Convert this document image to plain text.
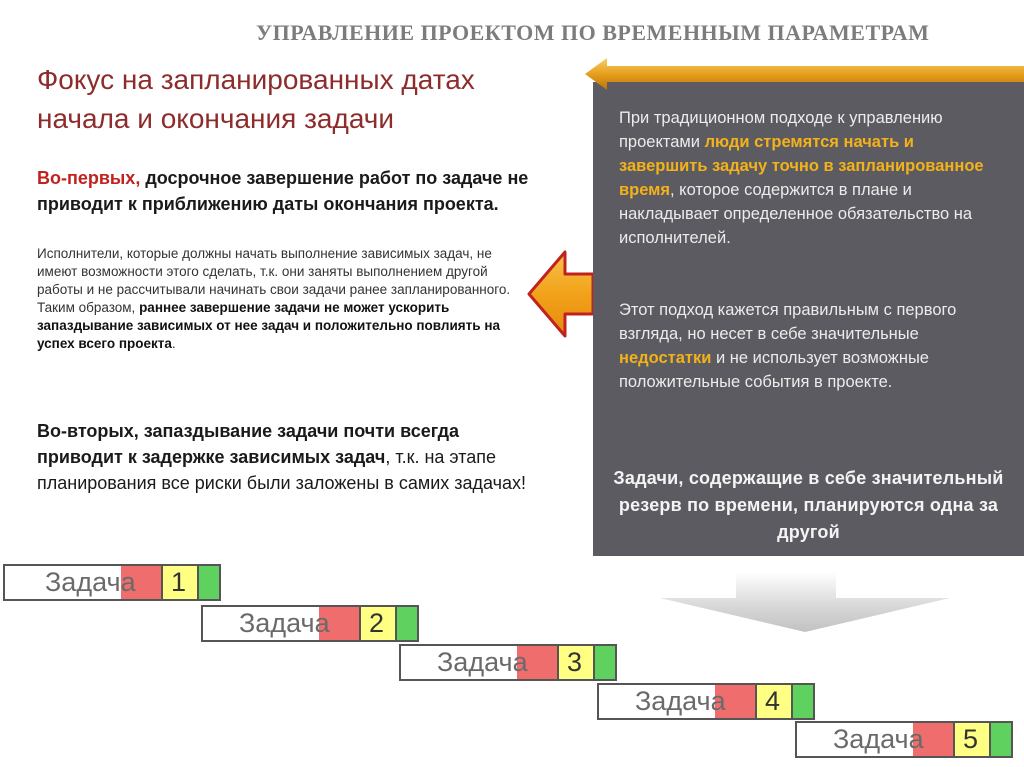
УПРАВЛЕНИЕ ПРОЕКТОМ ПО ВРЕМЕННЫМ ПАРАМЕТРАМ
Фокус на запланированных датах
начала и окончания задачи
Во-первых, досрочное завершение работ по задаче не приводит к приближению даты окончания проекта.
Исполнители, которые должны начать выполнение зависимых задач, не имеют возможности этого сделать, т.к. они заняты выполнением другой работы и не рассчитывали начинать свои задачи ранее запланированного. Таким образом, раннее завершение задачи не может ускорить запаздывание зависимых от нее задач и положительно повлиять на успех всего проекта.
Во-вторых, запаздывание задачи почти всегда приводит к задержке зависимых задач, т.к. на этапе планирования все риски были заложены в самих задачах!
При традиционном подходе к управлению проектами люди стремятся начать и завершить задачу точно в запланированное время, которое содержится в плане и накладывает определенное обязательство на исполнителей.
Этот подход кажется правильным с первого взгляда, но несет в себе значительные недостатки и не использует возможные положительные события в проекте.
Задачи, содержащие в себе значительный резерв по времени, планируются одна за другой
1
Задача
2
Задача
3
Задача
4
Задача
5
Задача
